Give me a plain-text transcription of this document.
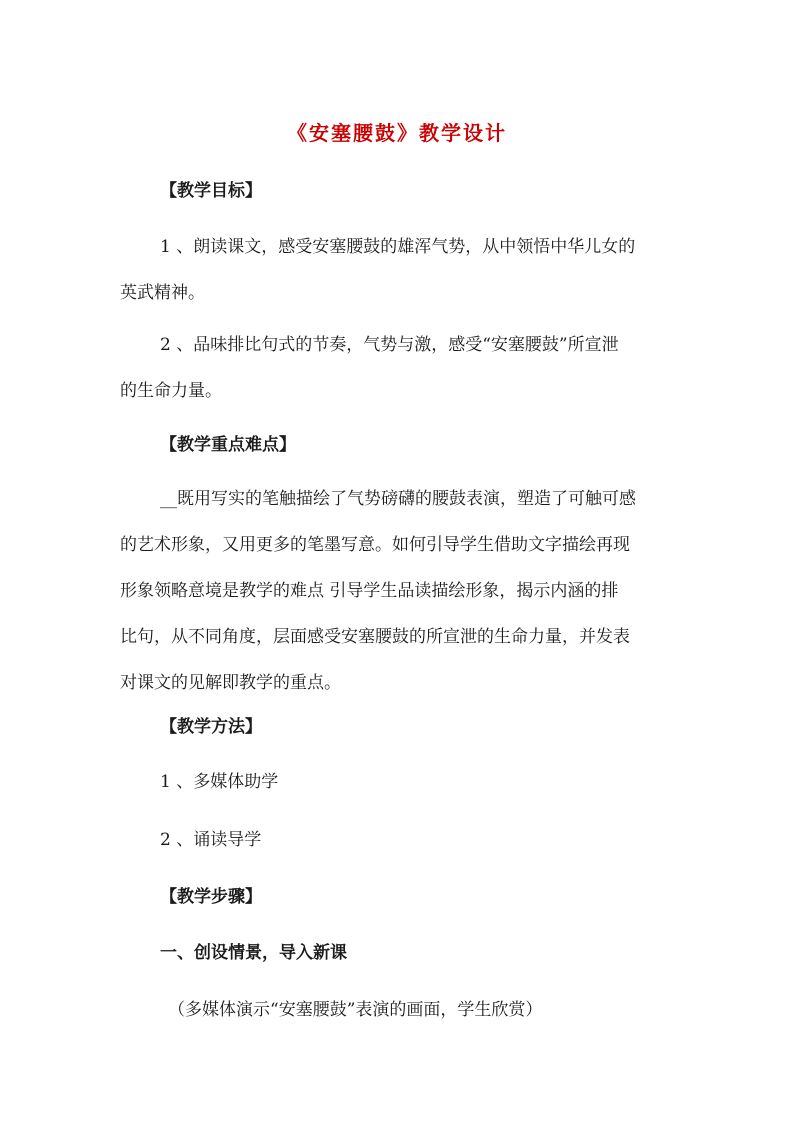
《安塞腰鼓》教学设计
【教学目标】
1 、朗读课文，感受安塞腰鼓的雄浑气势，从中领悟中华儿女的
英武精神。
2 、品味排比句式的节奏，气势与激，感受“安塞腰鼓”所宣泄
的生命力量。
【教学重点难点】
__既用写实的笔触描绘了气势磅礴的腰鼓表演，塑造了可触可感
的艺术形象，又用更多的笔墨写意。如何引导学生借助文字描绘再现
形象领略意境是教学的难点 引导学生品读描绘形象，揭示内涵的排
比句，从不同角度，层面感受安塞腰鼓的所宣泄的生命力量，并发表
对课文的见解即教学的重点。
【教学方法】
1 、多媒体助学
2 、诵读导学
【教学步骤】
一、创设情景，导入新课
（多媒体演示“安塞腰鼓”表演的画面，学生欣赏）
